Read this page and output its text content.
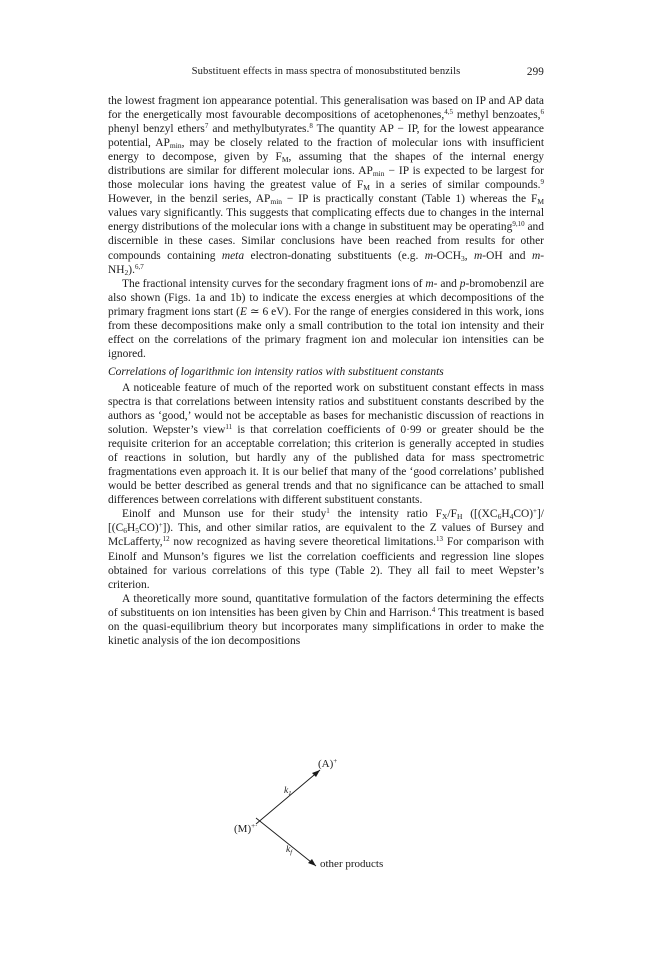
Substituent effects in mass spectra of monosubstituted benzils	299

the lowest fragment ion appearance potential. This generalisation was based on IP and AP data for the energetically most favourable decompositions of acetophenones,$^{4,5}$ methyl benzoates,$^6$ phenyl benzyl ethers$^7$ and methylbutyrates.$^8$ The quantity AP − IP, for the lowest appearance potential, $AP_{min}$, may be closely related to the fraction of molecular ions with insufficient energy to decompose, given by $F_M$, assuming that the shapes of the internal energy distributions are similar for different molecular ions. $AP_{min}$ − IP is expected to be largest for those molecular ions having the greatest value of $F_M$ in a series of similar compounds.$^9$ However, in the benzil series, $AP_{min}$ − IP is practically constant (Table 1) whereas the $F_M$ values vary significantly. This suggests that complicating effects due to changes in the internal energy distributions of the molecular ions with a change in substituent may be operating$^{9,10}$ and discernible in these cases. Similar conclusions have been reached from results for other compounds containing meta electron-donating substituents (e.g. $m-OCH_3$, m-OH and $m-NH_2).^{6,7}$

The fractional intensity curves for the secondary fragment ions of m- and p-bromobenzil are also shown (Figs. 1a and 1b) to indicate the excess energies at which decompositions of the primary fragment ions start (E ≃ 6 eV). For the range of energies considered in this work, ions from these decompositions make only a small contribution to the total ion intensity and their effect on the correlations of the primary fragment ion and molecular ion intensities can be ignored.

Correlations of logarithmic ion intensity ratios with substituent constants

A noticeable feature of much of the reported work on substituent constant effects in mass spectra is that correlations between intensity ratios and substituent constants described by the authors as ‘good,’ would not be acceptable as bases for mechanistic discussion of reactions in solution. Wepster’s view$^{11}$ is that correlation coefficients of 0·99 or greater should be the requisite criterion for an acceptable correlation; this criterion is generally accepted in studies of reactions in solution, but hardly any of the published data for mass spectrometric fragmentations even approach it. It is our belief that many of the ‘good correlations’ published would be better described as general trends and that no significance can be attached to small differences between correlations with different substituent constants.

Einolf and Munson use for their study$^1$ the intensity ratio $F_X/F_H$ ($[(XC_6H_4CO)^+]/$ $[(C_6H_5CO)^+]$). This, and other similar ratios, are equivalent to the Z values of Bursey and McLafferty,$^{12}$ now recognized as having severe theoretical limitations.$^{13}$ For comparison with Einolf and Munson’s figures we list the correlation coefficients and regression line slopes obtained for various correlations of this type (Table 2). They all fail to meet Wepster’s criterion.

A theoretically more sound, quantitative formulation of the factors determining the effects of substituents on ion intensities has been given by Chin and Harrison.$^4$ This treatment is based on the quasi-equilibrium theory but incorporates many simplifications in order to make the kinetic analysis of the ion decompositions

(A)+
$k_1$
(M)+·
$k_f$
other products
